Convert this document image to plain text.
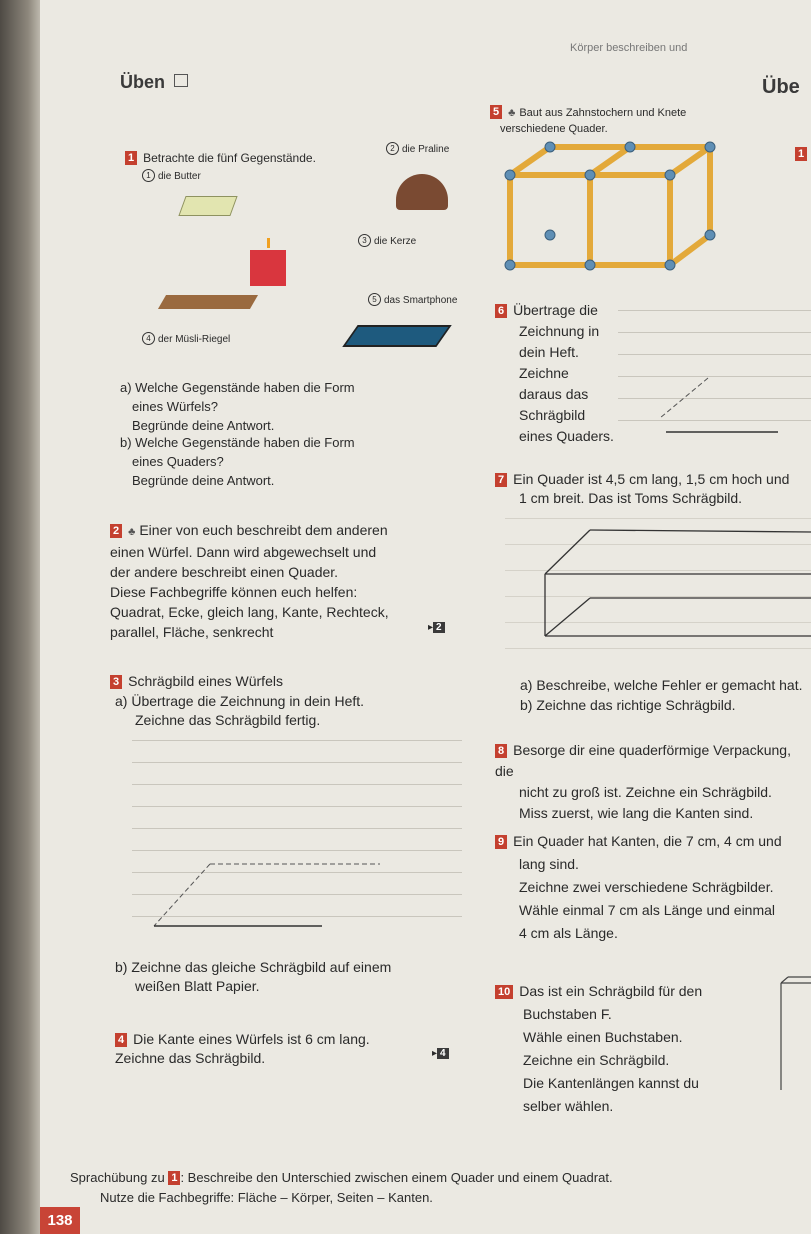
Körper beschreiben und
Üben	Übe
1
1 Betrachte die fünf Gegenstände.
1 die Butter
2 die Praline
3 die Kerze
5 das Smartphone
4 der Müsli-Riegel
a) Welche Gegenstände haben die Form
eines Würfels?
Begründe deine Antwort.
b) Welche Gegenstände haben die Form
eines Quaders?
Begründe deine Antwort.
2 ♣ Einer von euch beschreibt dem anderen
einen Würfel. Dann wird abgewechselt und
der andere beschreibt einen Quader.
Diese Fachbegriffe können euch helfen:
Quadrat, Ecke, gleich lang, Kante, Rechteck,
parallel, Fläche, senkrecht	▸ 2
3 Schrägbild eines Würfels
a) Übertrage die Zeichnung in dein Heft.
Zeichne das Schrägbild fertig.
b) Zeichne das gleiche Schrägbild auf einem
weißen Blatt Papier.
4 Die Kante eines Würfels ist 6 cm lang.
Zeichne das Schrägbild.	▸ 4
5 ♣ Baut aus Zahnstochern und Knete
verschiedene Quader.
6 Übertrage die
Zeichnung in
dein Heft.
Zeichne
daraus das
Schrägbild
eines Quaders.
7 Ein Quader ist 4,5 cm lang, 1,5 cm hoch und
1 cm breit. Das ist Toms Schrägbild.
a) Beschreibe, welche Fehler er gemacht hat.
b) Zeichne das richtige Schrägbild.
8 Besorge dir eine quaderförmige Verpackung, die
nicht zu groß ist. Zeichne ein Schrägbild.
Miss zuerst, wie lang die Kanten sind.
9 Ein Quader hat Kanten, die 7 cm, 4 cm und
lang sind.
Zeichne zwei verschiedene Schrägbilder.
Wähle einmal 7 cm als Länge und einmal
4 cm als Länge.
10 Das ist ein Schrägbild für den
Buchstaben F.
Wähle einen Buchstaben.
Zeichne ein Schrägbild.
Die Kantenlängen kannst du
selber wählen.
Sprachübung zu 1 : Beschreibe den Unterschied zwischen einem Quader und einem Quadrat.
Nutze die Fachbegriffe: Fläche – Körper, Seiten – Kanten.
138
